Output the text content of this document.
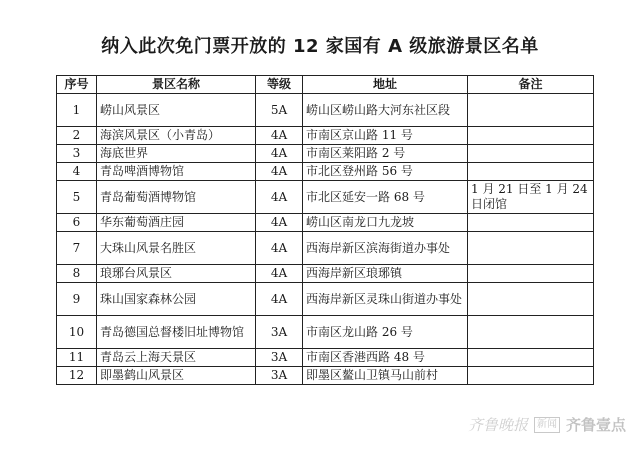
纳入此次免门票开放的 12 家国有 A 级旅游景区名单
序号	景区名称	等级	地址	备注
1	崂山风景区	5A	崂山区崂山路大河东社区段	
2	海滨风景区（小青岛）	4A	市南区京山路 11 号	
3	海底世界	4A	市南区莱阳路 2 号	
4	青岛啤酒博物馆	4A	市北区登州路 56 号	
5	青岛葡萄酒博物馆	4A	市北区延安一路 68 号	1 月 21 日至 1 月 24 日闭馆
6	华东葡萄酒庄园	4A	崂山区南龙口九龙坡	
7	大珠山风景名胜区	4A	西海岸新区滨海街道办事处	
8	琅琊台风景区	4A	西海岸新区琅琊镇	
9	珠山国家森林公园	4A	西海岸新区灵珠山街道办事处	
10	青岛德国总督楼旧址博物馆	3A	市南区龙山路 26 号	
11	青岛云上海天景区	3A	市南区香港西路 48 号	
12	即墨鹤山风景区	3A	即墨区鳌山卫镇马山前村	
齐鲁晚报 新闻 齐鲁壹点
